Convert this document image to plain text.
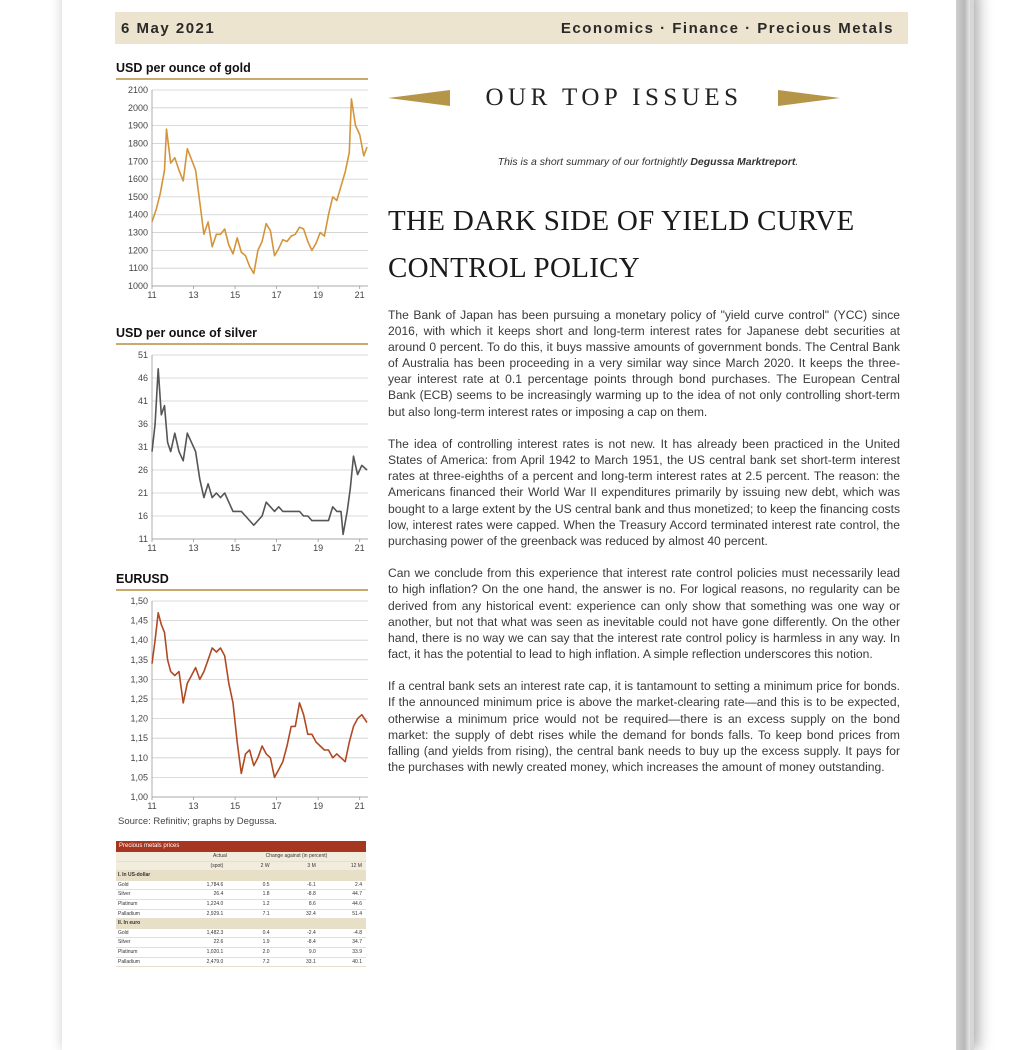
6 May 2021	Economics · Finance · Precious Metals
USD per ounce of gold
1000
1100
1200
1300
1400
1500
1600
1700
1800
1900
2000
2100
11	13	15	17	19	21
USD per ounce of silver
11
16
21
26
31
36
41
46
51
11	13	15	17	19	21
EURUSD
1,00
1,05
1,10
1,15
1,20
1,25
1,30
1,35
1,40
1,45
1,50
11	13	15	17	19	21
Source: Refinitiv; graphs by Degussa.
Precious metals prices
Actual	Change against (in percent)
(spot)	2 W	3 M	12 M
I. In US-dollar
Gold	1,784.6	0.5	-6.1	2.4
Silver	26.4	1.8	-8.8	44.7
Platinum	1,224.0	1.2	8.6	44.6
Palladium	2,929.1	7.1	32.4	51.4
II. In euro
Gold	1,482.3	0.4	-2.4	-4.8
Silver	22.6	1.9	-8.4	34.7
Platinum	1,020.1	2.0	9.0	33.9
Palladium	2,479.0	7.2	33.1	40.1
OUR TOP ISSUES
This is a short summary of our fortnightly Degussa Marktreport.
THE DARK SIDE OF YIELD CURVE
CONTROL POLICY

The Bank of Japan has been pursuing a monetary policy of "yield curve control" (YCC) since 2016, with which it keeps short and long-term interest rates for Japanese debt securities at around 0 percent. To do this, it buys massive amounts of government bonds. The Central Bank of Australia has been proceeding in a very similar way since March 2020. It keeps the three-year interest rate at 0.1 percentage points through bond purchases. The European Central Bank (ECB) seems to be increasingly warming up to the idea of not only controlling short-term but also long-term interest rates or imposing a cap on them.

The idea of controlling interest rates is not new. It has already been practiced in the United States of America: from April 1942 to March 1951, the US central bank set short-term interest rates at three-eighths of a percent and long-term interest rates at 2.5 percent. The reason: the Americans financed their World War II expenditures primarily by issuing new debt, which was bought to a large extent by the US central bank and thus monetized; to keep the financing costs low, interest rates were capped. When the Treasury Accord terminated interest rate control, the purchasing power of the greenback was reduced by almost 40 percent.

Can we conclude from this experience that interest rate control policies must necessarily lead to high inflation? On the one hand, the answer is no. For logical reasons, no regularity can be derived from any historical event: experience can only show that something was one way or another, but not that what was seen as inevitable could not have gone differently. On the other hand, there is no way we can say that the interest rate control policy is harmless in any way. In fact, it has the potential to lead to high inflation. A simple reflection underscores this notion.

If a central bank sets an interest rate cap, it is tantamount to setting a minimum price for bonds. If the announced minimum price is above the market-clearing rate—and this is to be expected, otherwise a minimum price would not be required—there is an excess supply on the bond market: the supply of debt rises while the demand for bonds falls. To keep bond prices from falling (and yields from rising), the central bank needs to buy up the excess supply. It pays for the purchases with newly created money, which increases the amount of money outstanding.
